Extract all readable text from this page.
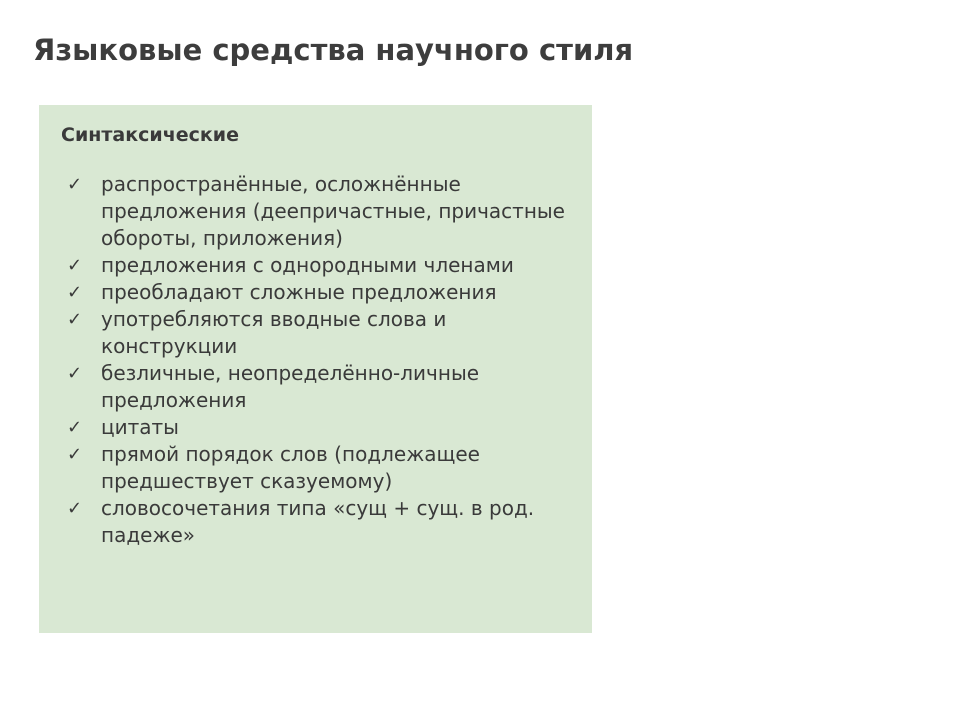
Языковые средства научного стиля
Синтаксические
✓ распространённые, осложнённые предложения (деепричастные, причастные обороты, приложения)
✓ предложения с однородными членами
✓ преобладают сложные предложения
✓ употребляются вводные слова и конструкции
✓ безличные, неопределённо-личные предложения
✓ цитаты
✓ прямой порядок слов (подлежащее предшествует сказуемому)
✓ словосочетания типа «сущ + сущ. в род. падеже»
